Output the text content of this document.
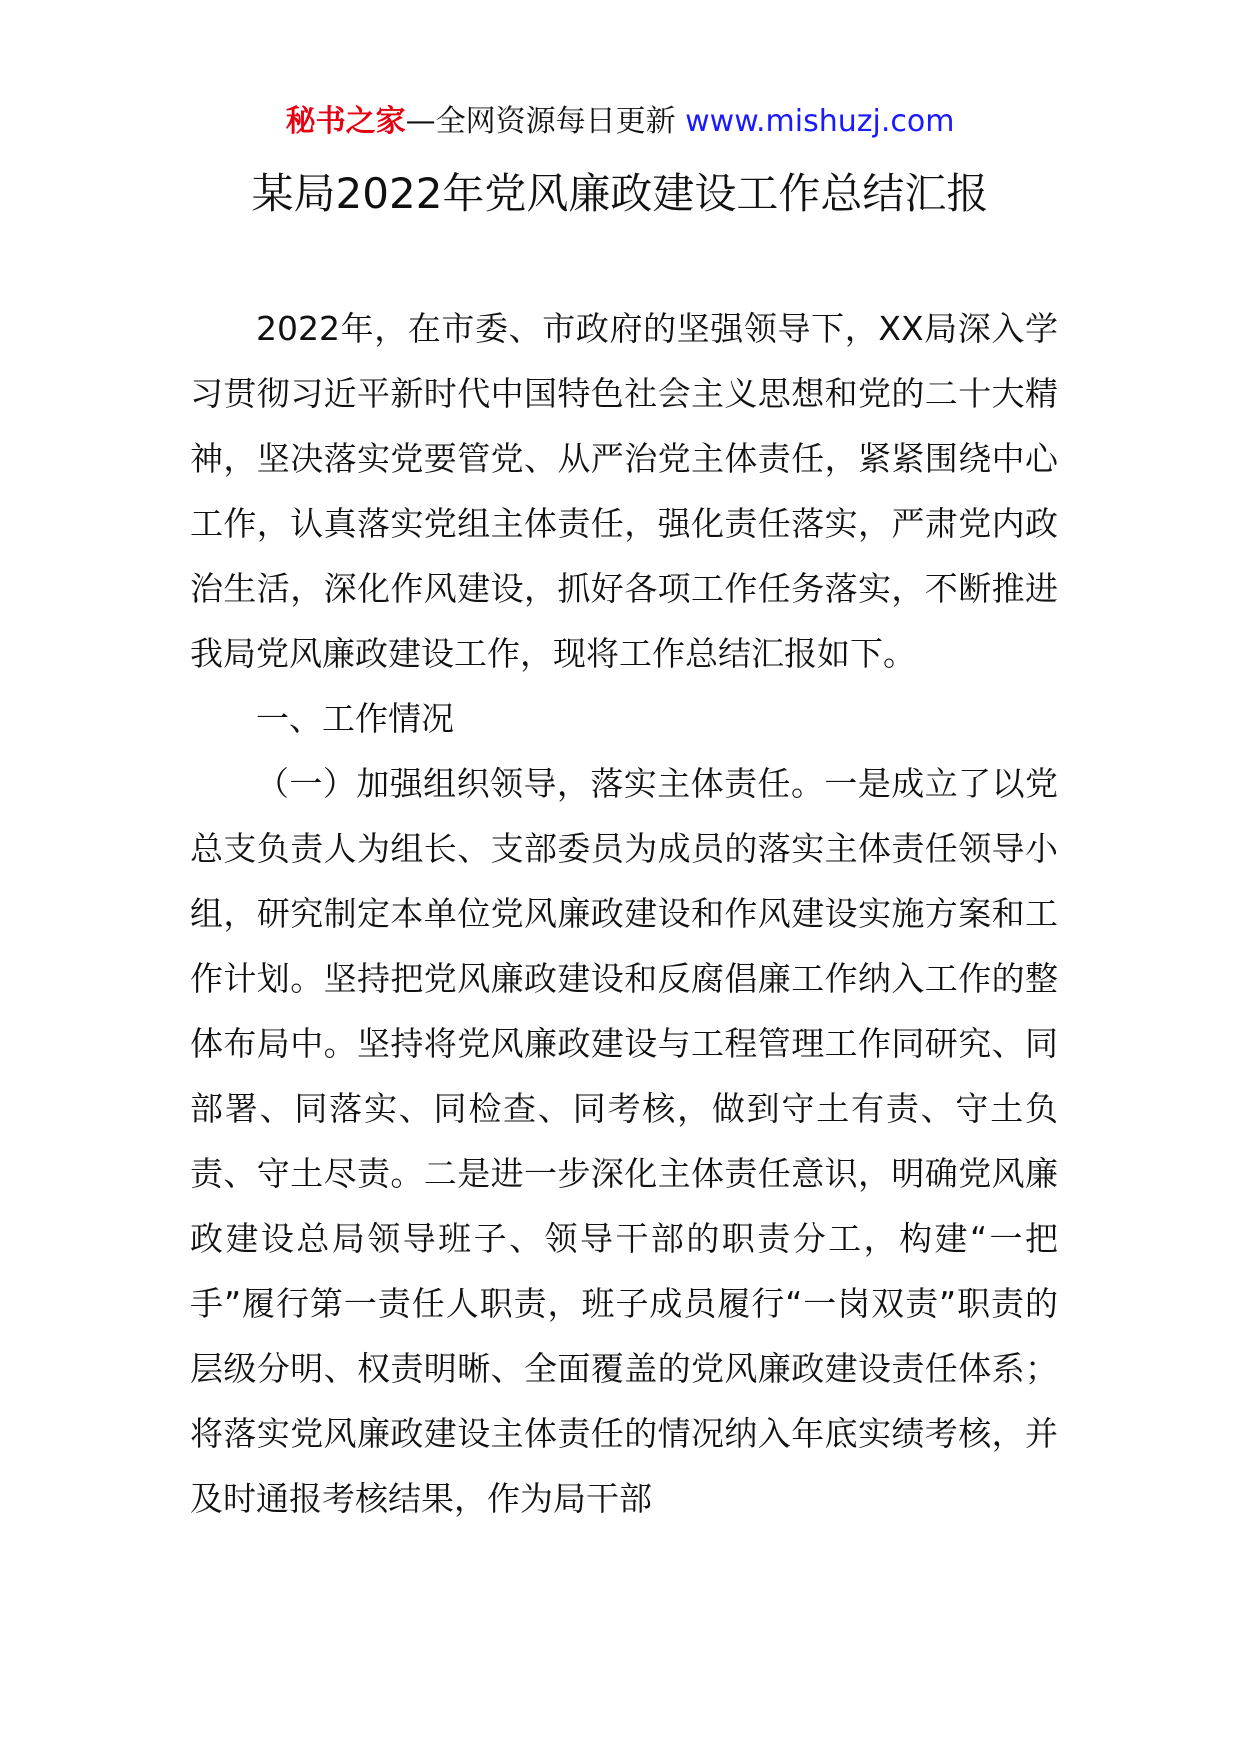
秘书之家—全网资源每日更新 www.mishuzj.com
某局2022年党风廉政建设工作总结汇报

2022年，在市委、市政府的坚强领导下，XX局深入学习贯彻习近平新时代中国特色社会主义思想和党的二十大精神，坚决落实党要管党、从严治党主体责任，紧紧围绕中心工作，认真落实党组主体责任，强化责任落实，严肃党内政治生活，深化作风建设，抓好各项工作任务落实，不断推进我局党风廉政建设工作，现将工作总结汇报如下。

一、工作情况

（一）加强组织领导，落实主体责任。一是成立了以党总支负责人为组长、支部委员为成员的落实主体责任领导小组，研究制定本单位党风廉政建设和作风建设实施方案和工作计划。坚持把党风廉政建设和反腐倡廉工作纳入工作的整体布局中。坚持将党风廉政建设与工程管理工作同研究、同部署、同落实、同检查、同考核，做到守土有责、守土负责、守土尽责。二是进一步深化主体责任意识，明确党风廉政建设总局领导班子、领导干部的职责分工，构建“一把手”履行第一责任人职责，班子成员履行“一岗双责”职责的层级分明、权责明晰、全面覆盖的党风廉政建设责任体系；将落实党风廉政建设主体责任的情况纳入年底实绩考核，并及时通报考核结果，作为局干部
